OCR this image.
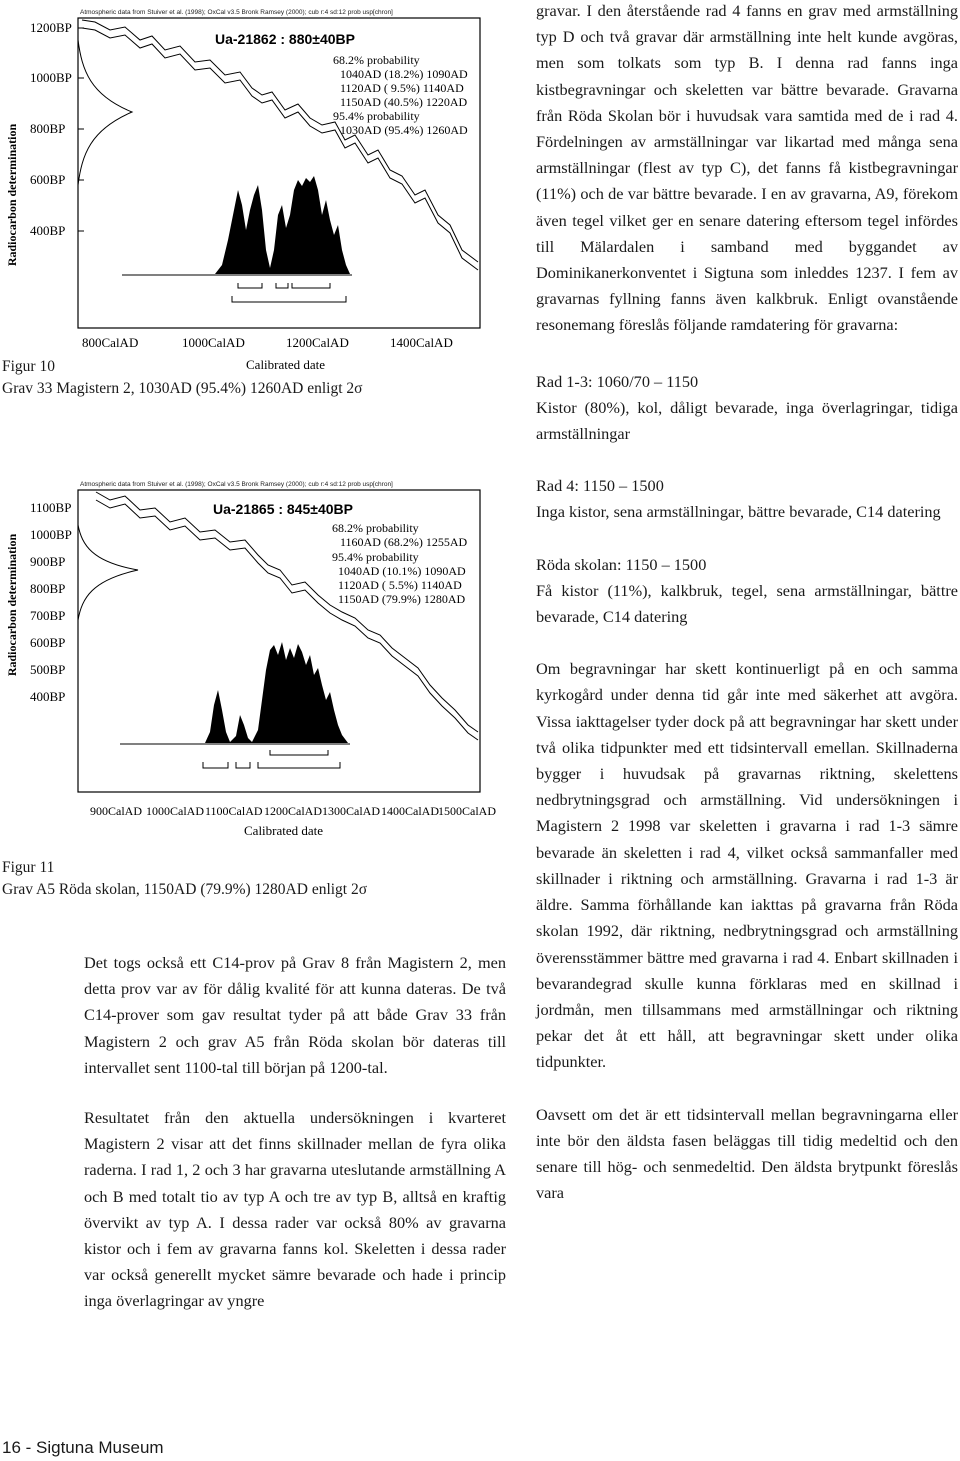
Radiocarbon determination
Atmospheric data from Stuiver et al. (1998); OxCal v3.5 Bronk Ramsey (2000); cub r:4 sd:12 prob usp[chron]
1200BP
1000BP
800BP
600BP
400BP
800CalAD	1000CalAD	1200CalAD	1400CalAD
Calibrated date
Ua-21862 : 880±40BP
68.2% probability
1040AD (18.2%) 1090AD
1120AD ( 9.5%) 1140AD
1150AD (40.5%) 1220AD
95.4% probability
1030AD (95.4%) 1260AD
Figur 10
Grav 33 Magistern 2, 1030AD (95.4%) 1260AD enligt 2σ
Radiocarbon determination
Atmospheric data from Stuiver et al. (1998); OxCal v3.5 Bronk Ramsey (2000); cub r:4 sd:12 prob usp[chron]
1100BP
1000BP
900BP
800BP
700BP
600BP
500BP
400BP
900CalAD 1000CalAD 1100CalAD 1200CalAD 1300CalAD 1400CalAD 1500CalAD
Calibrated date
Ua-21865 : 845±40BP
68.2% probability
1160AD (68.2%) 1255AD
95.4% probability
1040AD (10.1%) 1090AD
1120AD ( 5.5%) 1140AD
1150AD (79.9%) 1280AD
Figur 11
Grav A5 Röda skolan, 1150AD (79.9%) 1280AD enligt 2σ

Det togs också ett C14-prov på Grav 8 från Magistern 2, men detta prov var av för dålig kvalité för att kunna dateras. De två C14-prover som gav resultat tyder på att både Grav 33 från Magistern 2 och grav A5 från Röda skolan bör dateras till intervallet sent 1100-tal till början på 1200-tal.

Resultatet från den aktuella undersökningen i kvarteret Magistern 2 visar att det finns skillnader mellan de fyra olika raderna. I rad 1, 2 och 3 har gravarna uteslutande armställning A och B med totalt tio av typ A och tre av typ B, alltså en kraftig övervikt av typ A. I dessa rader var också 80% av gravarna kistor och i fem av gravarna fanns kol. Skeletten i dessa rader var också generellt mycket sämre bevarade och hade i princip inga överlagringar av yngre

gravar. I den återstående rad 4 fanns en grav med armställning typ D och två gravar där armställning inte helt kunde avgöras, men som tolkats som typ B. I denna rad fanns inga kistbegravningar och skeletten var bättre bevarade. Gravarna från Röda Skolan bör i huvudsak vara samtida med de i rad 4. Fördelningen av armställningar var likartad med många sena armställningar (flest av typ C), det fanns få kistbegravningar (11%) och de var bättre bevarade. I en av gravarna, A9, förekom även tegel vilket ger en senare datering eftersom tegel infördes till Mälardalen i samband med byggandet av Dominikanerkonventet i Sigtuna som inleddes 1237. I fem av gravarnas fyllning fanns även kalkbruk. Enligt ovanstående resonemang föreslås följande ramdatering för gravarna:

Rad 1-3: 1060/70 – 1150
Kistor (80%), kol, dåligt bevarade, inga överlagringar, tidiga armställningar
Rad 4: 1150 – 1500
Inga kistor, sena armställningar, bättre bevarade, C14 datering
Röda skolan: 1150 – 1500
Få kistor (11%), kalkbruk, tegel, sena armställningar, bättre bevarade, C14 datering

Om begravningar har skett kontinuerligt på en och samma kyrkogård under denna tid går inte med säkerhet att avgöra. Vissa iakttagelser tyder dock på att begravningar har skett under två olika tidpunkter med ett tidsintervall emellan. Skillnaderna bygger i huvudsak på gravarnas riktning, skelettens nedbrytningsgrad och armställning. Vid undersökningen i Magistern 2 1998 var skeletten i gravarna i rad 1-3 sämre bevarade än skeletten i rad 4, vilket också sammanfaller med skillnader i riktning och armställning. Gravarna i rad 1-3 är äldre. Samma förhållande kan iakttas på gravarna från Röda skolan 1992, där riktning, nedbrytningsgrad och armställning överensstämmer bättre med gravarna i rad 4. Enbart skillnaden i bevarandegrad skulle kunna förklaras med en skillnad i jordmån, men tillsammans med armställningar och riktning pekar det åt ett håll, att begravningar skett under olika tidpunkter.

Oavsett om det är ett tidsintervall mellan begravningarna eller inte bör den äldsta fasen beläggas till tidig medeltid och den senare till hög- och senmedeltid. Den äldsta brytpunkt föreslås vara

16 - Sigtuna Museum
